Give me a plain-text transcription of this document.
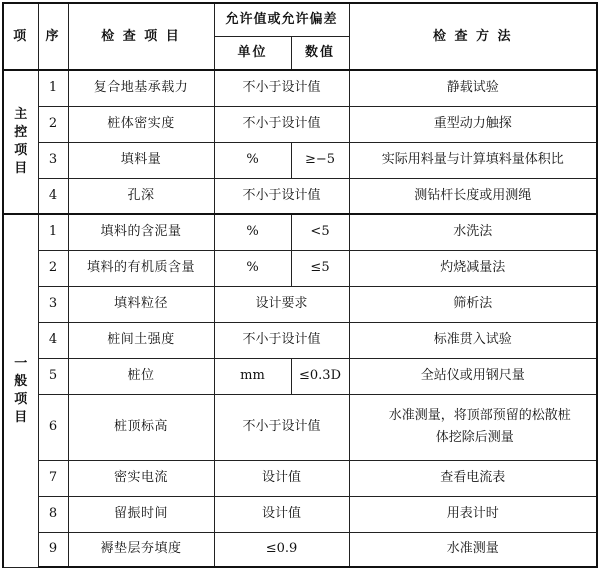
项	序	检 查 项 目	允许值或允许偏差		检 查 方 法
			单位	数值	
主控项目	1	复合地基承载力	不小于设计值		静载试验
	2	桩体密实度	不小于设计值		重型动力触探
	3	填料量	%	≥−5	实际用料量与计算填料量体积比
	4	孔深	不小于设计值		测钻杆长度或用测绳
一般项目	1	填料的含泥量	%	<5	水洗法
	2	填料的有机质含量	%	≤5	灼烧减量法
	3	填料粒径	设计要求		筛析法
	4	桩间土强度	不小于设计值		标准贯入试验
	5	桩位	mm	≤0.3D	全站仪或用钢尺量
	6	桩顶标高	不小于设计值		水准测量，将顶部预留的松散桩
体挖除后测量

	7	密实电流	设计值		查看电流表
	8	留振时间	设计值		用表计时
	9	褥垫层夯填度	≤0.9		水准测量
